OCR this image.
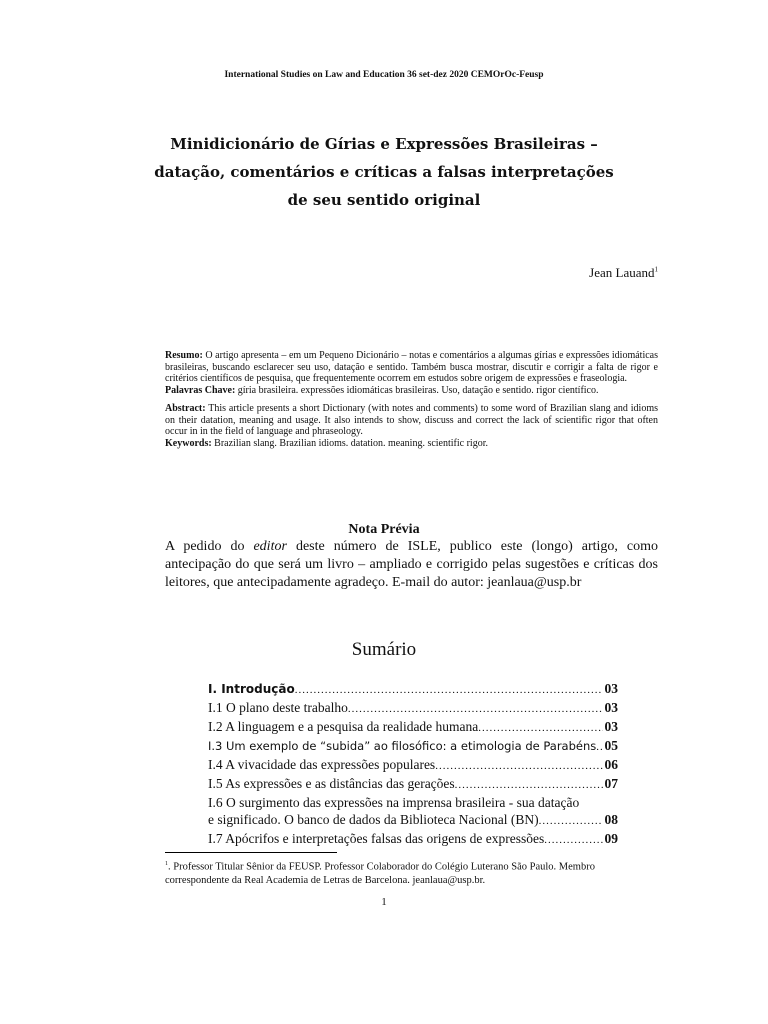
International Studies on Law and Education 36 set-dez 2020 CEMOrOc-Feusp
Minidicionário de Gírias e Expressões Brasileiras –
datação, comentários e críticas a falsas interpretações
de seu sentido original
Jean Lauand$^1$

Resumo: O artigo apresenta – em um Pequeno Dicionário – notas e comentários a algumas gírias e expressões idiomáticas brasileiras, buscando esclarecer seu uso, datação e sentido. Também busca mostrar, discutir e corrigir a falta de rigor e critérios científicos de pesquisa, que frequentemente ocorrem em estudos sobre origem de expressões e fraseologia.

Palavras Chave: gíria brasileira. expressões idiomáticas brasileiras. Uso, datação e sentido. rigor científico.

Abstract: This article presents a short Dictionary (with notes and comments) to some word of Brazilian slang and idioms on their datation, meaning and usage. It also intends to show, discuss and correct the lack of scientific rigor that often occur in in the field of language and phraseology.

Keywords: Brazilian slang. Brazilian idioms. datation. meaning. scientific rigor.

Nota Prévia
A pedido do editor deste número de ISLE, publico este (longo) artigo, como antecipação do que será um livro – ampliado e corrigido pelas sugestões e críticas dos leitores, que antecipadamente agradeço. E-mail do autor: jeanlaua@usp.br
Sumário
I. Introdução .....	03
I.1 O plano deste trabalho .....	03
I.2 A linguagem e a pesquisa da realidade humana .....	03
I.3 Um exemplo de “subida” ao filosófico: a etimologia de Parabéns ..... 05
I.4 A vivacidade das expressões populares .....	06
I.5 As expressões e as distâncias das gerações .....	07
I.6 O surgimento das expressões na imprensa brasileira - sua datação
e significado. O banco de dados da Biblioteca Nacional (BN) .....	08
I.7 Apócrifos e interpretações falsas das origens de expressões .....	09
$^1$. Professor Titular Sênior da FEUSP. Professor Colaborador do Colégio Luterano São Paulo. Membro correspondente da Real Academia de Letras de Barcelona. jeanlaua@usp.br.
1
